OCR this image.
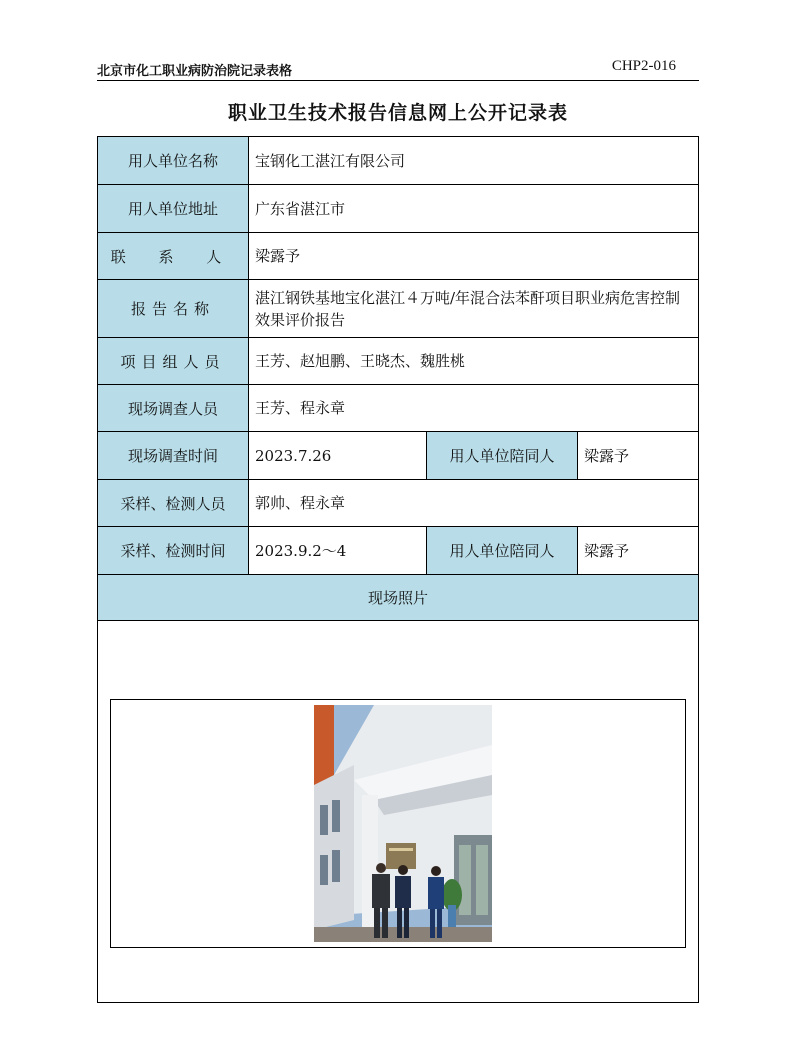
北京市化工职业病防治院记录表格	CHP2-016
职业卫生技术报告信息网上公开记录表
用人单位名称	宝钢化工湛江有限公司		
用人单位地址	广东省湛江市		
联 系 人	梁露予		
报告名称	湛江钢铁基地宝化湛江４万吨/年混合法苯酐项目职业病危害控制效果评价报告		
项目组人员	王芳、赵旭鹏、王晓杰、魏胜桃		
现场调查人员	王芳、程永章		
现场调查时间	2023.7.26	用人单位陪同人	梁露予
采样、检测人员	郭帅、程永章		
采样、检测时间	2023.9.2～4	用人单位陪同人	梁露予
现场照片			
